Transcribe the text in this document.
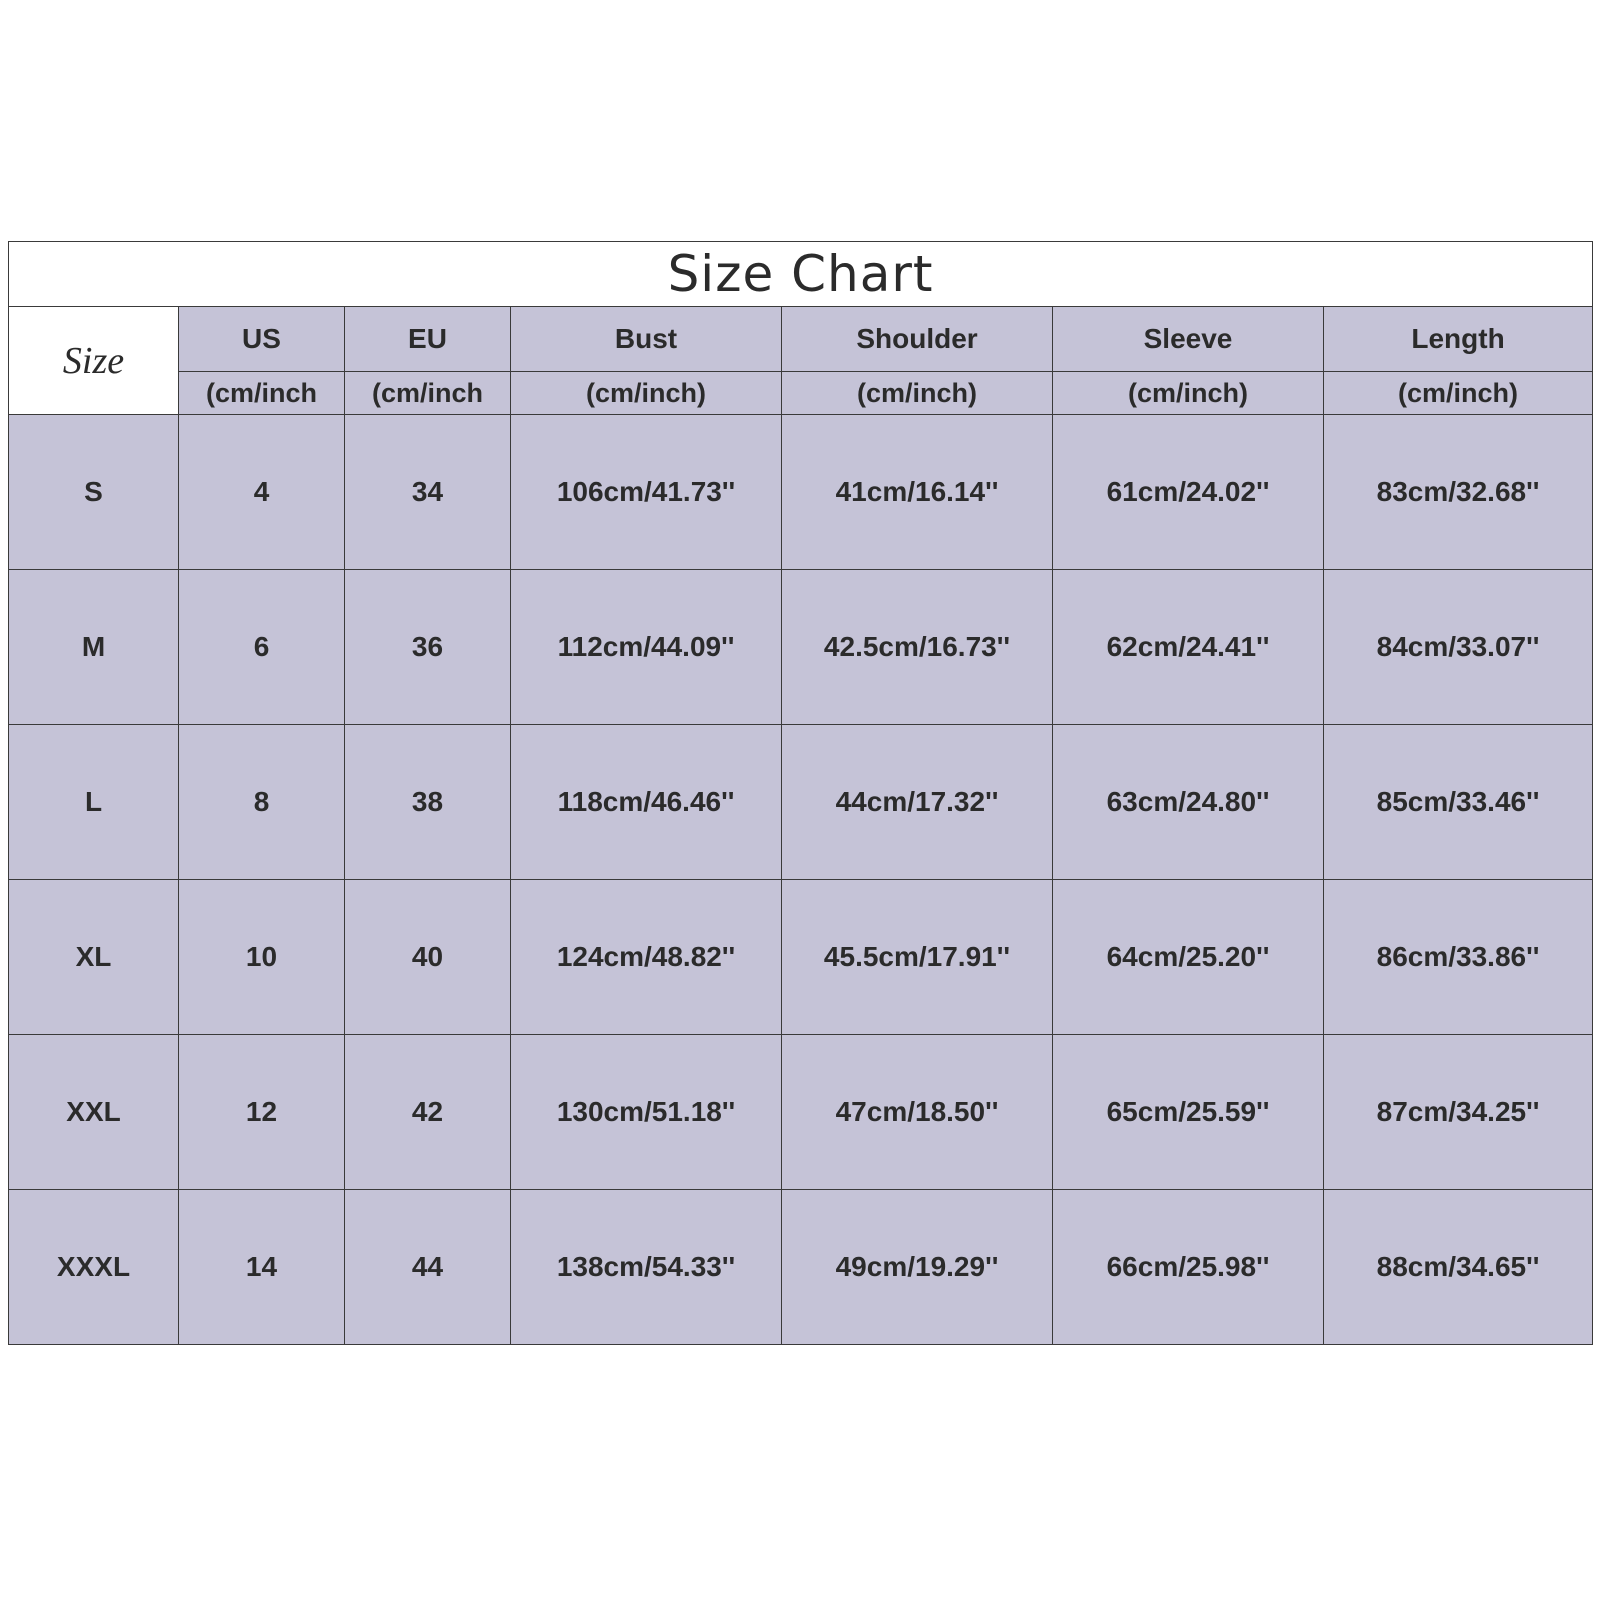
Size Chart						
Size	US	EU	Bust	Shoulder	Sleeve	Length
	(cm/inch	(cm/inch	(cm/inch)	(cm/inch)	(cm/inch)	(cm/inch)
S	4	34	106cm/41.73''	41cm/16.14''	61cm/24.02''	83cm/32.68''
M	6	36	112cm/44.09''	42.5cm/16.73''	62cm/24.41''	84cm/33.07''
L	8	38	118cm/46.46''	44cm/17.32''	63cm/24.80''	85cm/33.46''
XL	10	40	124cm/48.82''	45.5cm/17.91''	64cm/25.20''	86cm/33.86''
XXL	12	42	130cm/51.18''	47cm/18.50''	65cm/25.59''	87cm/34.25''
XXXL	14	44	138cm/54.33''	49cm/19.29''	66cm/25.98''	88cm/34.65''
